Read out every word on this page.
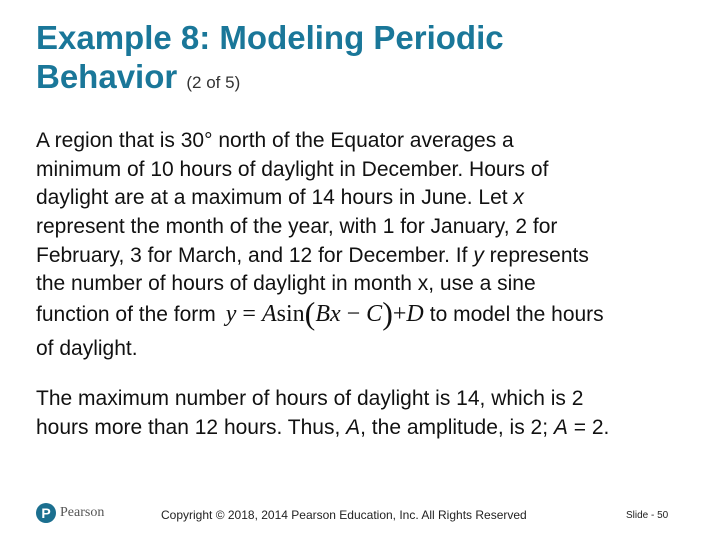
Example 8: Modeling Periodic
Behavior (2 of 5)
A region that is 30° north of the Equator averages a
minimum of 10 hours of daylight in December. Hours of
daylight are at a maximum of 14 hours in June. Let x
represent the month of the year, with 1 for January, 2 for
February, 3 for March, and 12 for December. If y represents
the number of hours of daylight in month x, use a sine
function of the form y = Asin(Bx − C)+D to model the hours
of daylight.
The maximum number of hours of daylight is 14, which is 2
hours more than 12 hours. Thus, A, the amplitude, is 2; A = 2.
P Pearson	Copyright © 2018, 2014 Pearson Education, Inc. All Rights Reserved	Slide - 50
